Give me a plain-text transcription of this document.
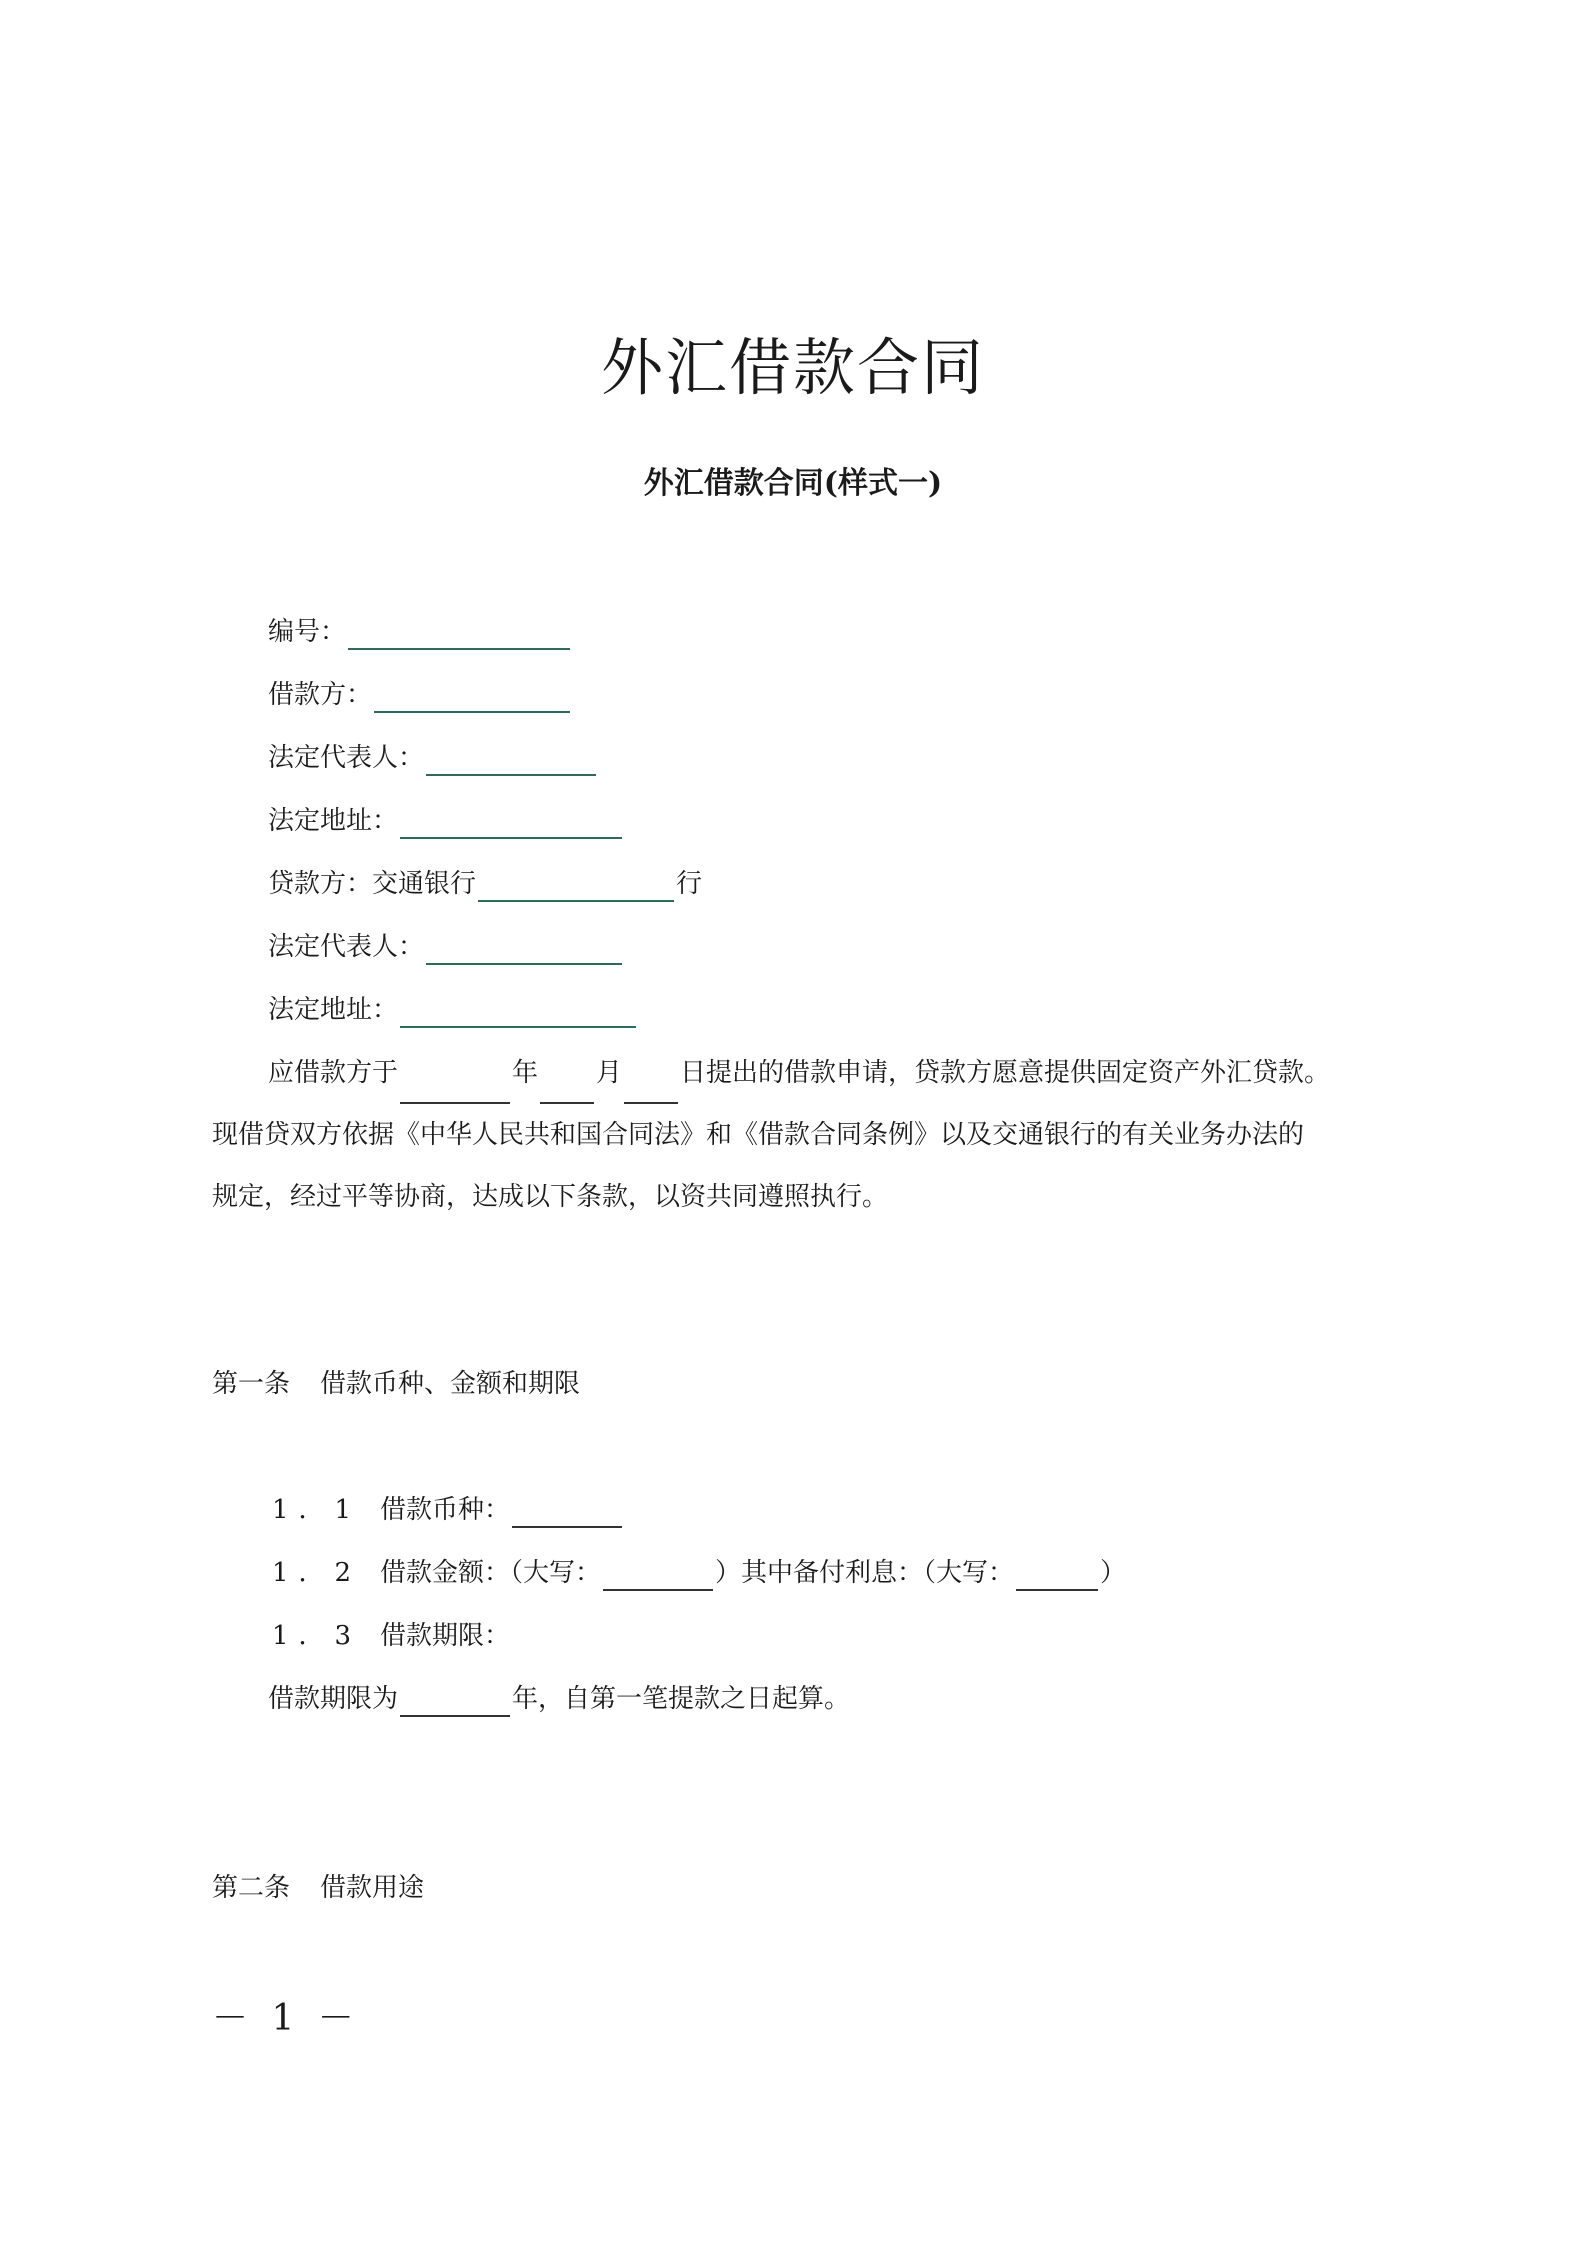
外汇借款合同
外汇借款合同(样式一)
编号：
借款方：
法定代表人：
法定地址：
贷款方：交通银行	行
法定代表人：
法定地址：
应借款方于	年 月 日提出的借款申请，贷款方愿意提供固定资产外汇贷款。
现借贷双方依据《中华人民共和国合同法》和《借款合同条例》以及交通银行的有关业务办法的
规定，经过平等协商，达成以下条款，以资共同遵照执行。
第一条 借款币种、金额和期限
1．1 借款币种：
1．2 借款金额：（大写：	）其中备付利息：（大写：	）
1．3 借款期限：
借款期限为	年，自第一笔提款之日起算。
第二条 借款用途
－ 1 －
